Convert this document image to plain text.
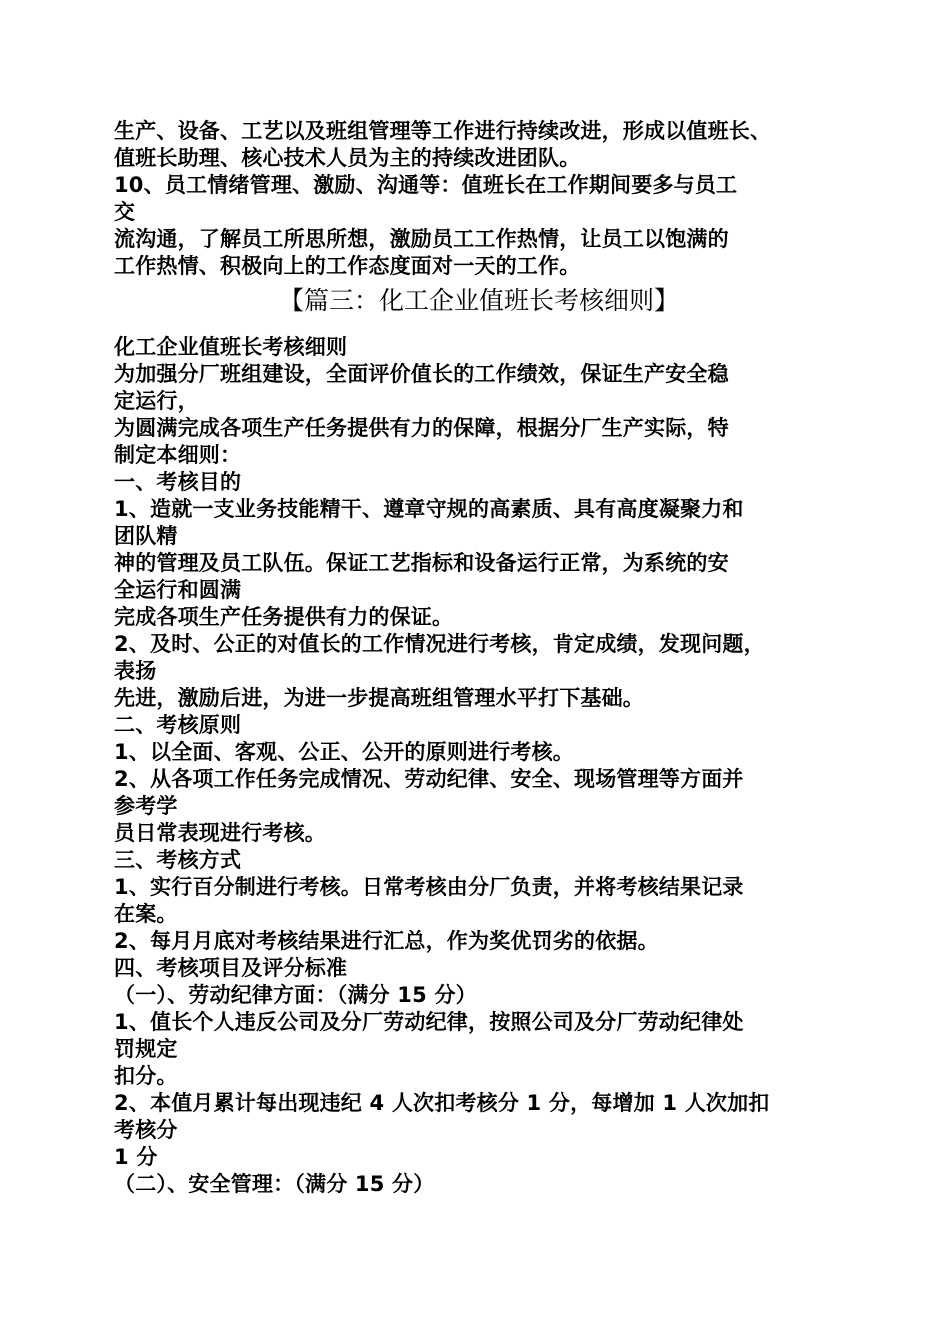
生产、设备、工艺以及班组管理等工作进行持续改进，形成以值班长、
值班长助理、核心技术人员为主的持续改进团队。
10、员工情绪管理、激励、沟通等：值班长在工作期间要多与员工
交
流沟通，了解员工所思所想，激励员工工作热情，让员工以饱满的
工作热情、积极向上的工作态度面对一天的工作。
【篇三：化工企业值班长考核细则】
化工企业值班长考核细则
为加强分厂班组建设，全面评价值长的工作绩效，保证生产安全稳
定运行，
为圆满完成各项生产任务提供有力的保障，根据分厂生产实际，特
制定本细则：
一、考核目的
1、造就一支业务技能精干、遵章守规的高素质、具有高度凝聚力和
团队精
神的管理及员工队伍。保证工艺指标和设备运行正常，为系统的安
全运行和圆满
完成各项生产任务提供有力的保证。
2、及时、公正的对值长的工作情况进行考核，肯定成绩，发现问题，
表扬
先进，激励后进，为进一步提高班组管理水平打下基础。
二、考核原则
1、以全面、客观、公正、公开的原则进行考核。
2、从各项工作任务完成情况、劳动纪律、安全、现场管理等方面并
参考学
员日常表现进行考核。
三、考核方式
1、实行百分制进行考核。日常考核由分厂负责，并将考核结果记录
在案。
2、每月月底对考核结果进行汇总，作为奖优罚劣的依据。
四、考核项目及评分标准
（一）、劳动纪律方面：（满分 15 分）
1、值长个人违反公司及分厂劳动纪律，按照公司及分厂劳动纪律处
罚规定
扣分。
2、本值月累计每出现违纪 4 人次扣考核分 1 分，每增加 1 人次加扣
考核分
1 分
（二）、安全管理：（满分 15 分）
